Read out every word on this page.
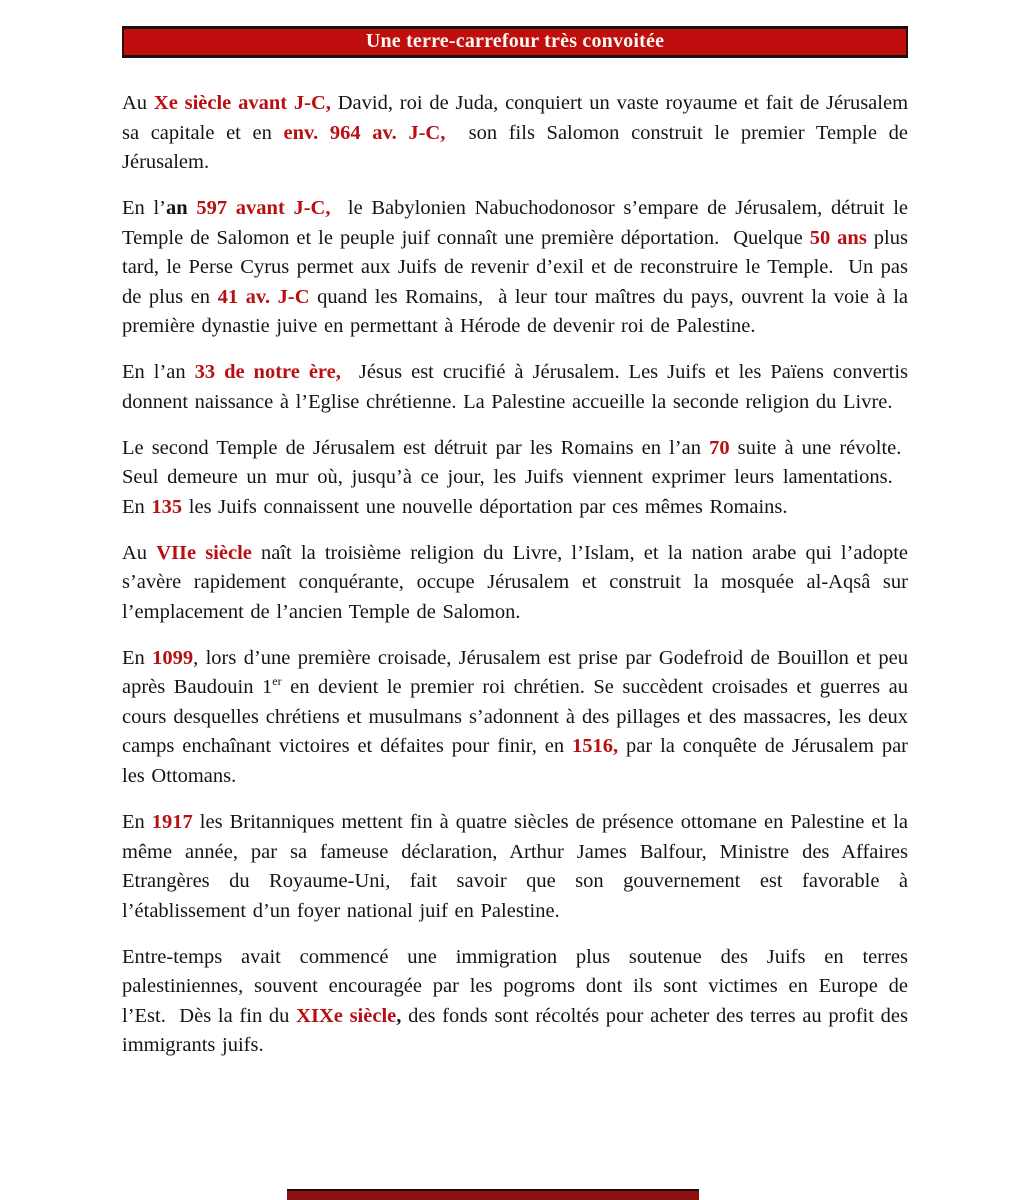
Une terre-carrefour très convoitée

Au Xe siècle avant J-C, David, roi de Juda, conquiert un vaste royaume et fait de Jérusalem sa capitale et en env. 964 av. J-C,  son fils Salomon construit le premier Temple de Jérusalem.

En l’an 597 avant J-C,  le Babylonien Nabuchodonosor s’empare de Jérusalem, détruit le Temple de Salomon et le peuple juif connaît une première déportation.  Quelque 50 ans plus tard, le Perse Cyrus permet aux Juifs de revenir d’exil et de reconstruire le Temple.  Un pas de plus en 41 av. J-C quand les Romains,  à leur tour maîtres du pays, ouvrent la voie à la première dynastie juive en permettant à Hérode de devenir roi de Palestine.

En l’an 33 de notre ère,  Jésus est crucifié à Jérusalem. Les Juifs et les Païens convertis donnent naissance à l’Eglise chrétienne. La Palestine accueille la seconde religion du Livre.

Le second Temple de Jérusalem est détruit par les Romains en l’an 70 suite à une révolte.  Seul demeure un mur où, jusqu’à ce jour, les Juifs viennent exprimer leurs lamentations.   En 135 les Juifs connaissent une nouvelle déportation par ces mêmes Romains.

Au VIIe siècle naît la troisième religion du Livre, l’Islam, et la nation arabe qui l’adopte s’avère rapidement conquérante, occupe Jérusalem et construit la mosquée al-Aqsâ sur l’emplacement de l’ancien Temple de Salomon.

En 1099, lors d’une première croisade, Jérusalem est prise par Godefroid de Bouillon et peu après Baudouin 1er en devient le premier roi chrétien. Se succèdent croisades et guerres au cours desquelles chrétiens et musulmans s’adonnent à des pillages et des massacres, les deux camps enchaînant victoires et défaites pour finir, en 1516, par la conquête de Jérusalem par les Ottomans.

En 1917 les Britanniques mettent fin à quatre siècles de présence ottomane en Palestine et la même année, par sa fameuse déclaration, Arthur James Balfour, Ministre des Affaires Etrangères du Royaume-Uni, fait savoir que son gouvernement est favorable à l’établissement d’un foyer national juif en Palestine.

Entre-temps avait commencé une immigration plus soutenue des Juifs en terres palestiniennes, souvent encouragée par les pogroms dont ils sont victimes en Europe de l’Est.  Dès la fin du XIXe siècle, des fonds sont récoltés pour acheter des terres au profit des immigrants juifs.
